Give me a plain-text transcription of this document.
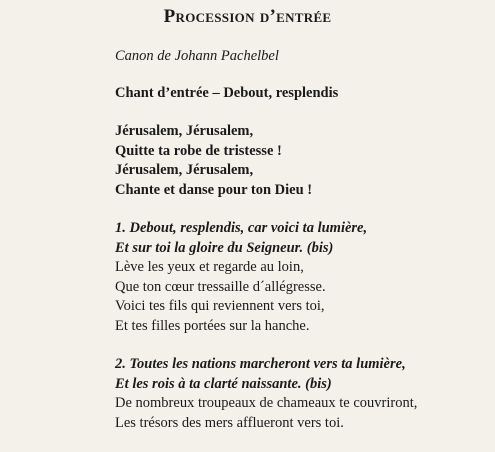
Procession d’entrée
Canon de Johann Pachelbel
Chant d’entrée – Debout, resplendis
Jérusalem, Jérusalem,
Quitte ta robe de tristesse !
Jérusalem, Jérusalem,
Chante et danse pour ton Dieu !
1. Debout, resplendis, car voici ta lumière,
Et sur toi la gloire du Seigneur. (bis)
Lève les yeux et regarde au loin,
Que ton cœur tressaille d´allégresse.
Voici tes fils qui reviennent vers toi,
Et tes filles portées sur la hanche.
2. Toutes les nations marcheront vers ta lumière,
Et les rois à ta clarté naissante. (bis)
De nombreux troupeaux de chameaux te couvriront,
Les trésors des mers afflueront vers toi.
